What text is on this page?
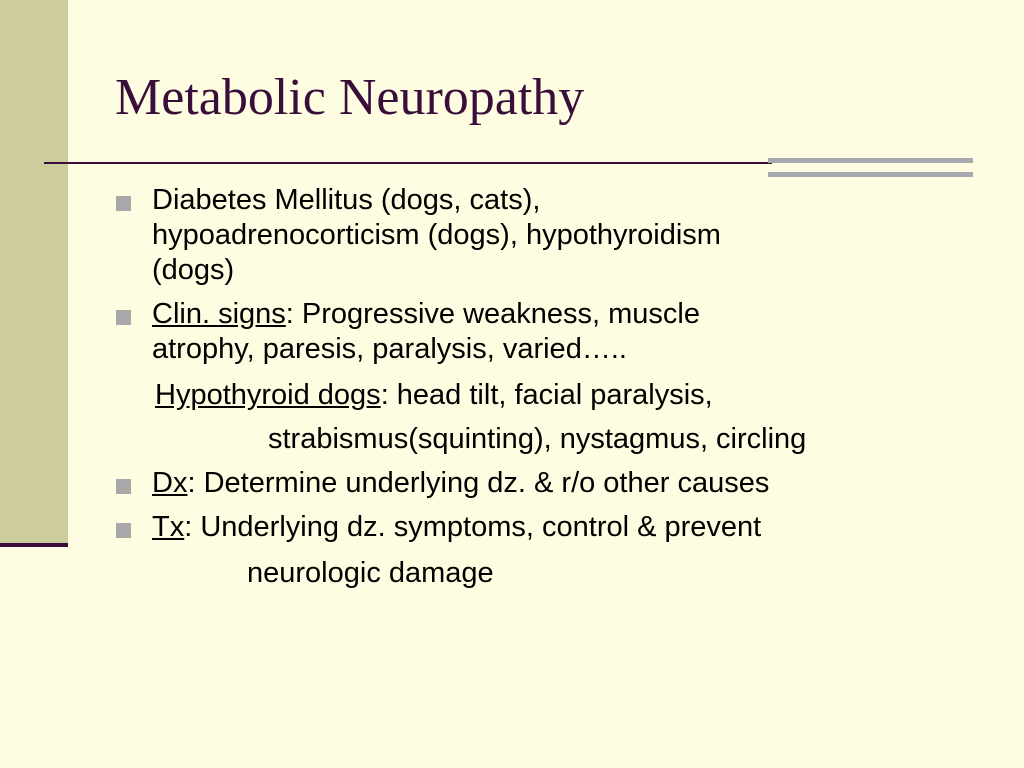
Metabolic Neuropathy
Diabetes Mellitus (dogs, cats),
hypoadrenocorticism (dogs), hypothyroidism
(dogs)
Clin. signs: Progressive weakness, muscle
atrophy, paresis, paralysis, varied…..
Hypothyroid dogs: head tilt, facial paralysis,
strabismus(squinting), nystagmus, circling
Dx: Determine underlying dz. & r/o other causes
Tx: Underlying dz. symptoms, control & prevent
neurologic damage
